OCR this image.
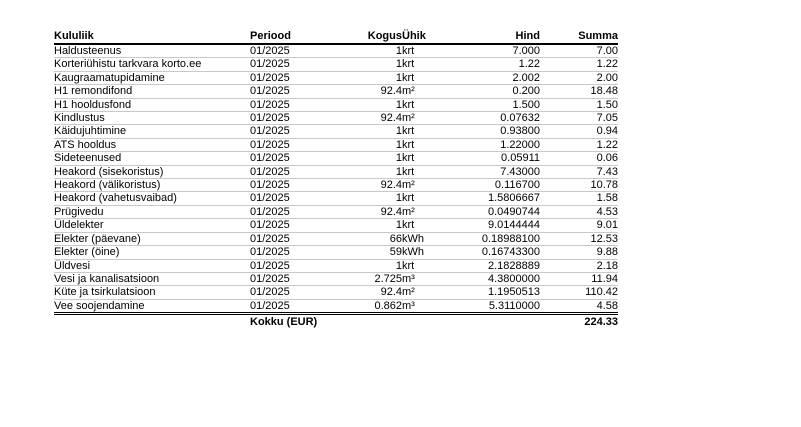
Kululiik	Periood	Kogus	Ühik	Hind	Summa
Haldusteenus	01/2025	1	krt	7.000	7.00
Korteriühistu tarkvara korto.ee	01/2025	1	krt	1.22	1.22
Kaugraamatupidamine	01/2025	1	krt	2.002	2.00
H1 remondifond	01/2025	92.4	m²	0.200	18.48
H1 hooldusfond	01/2025	1	krt	1.500	1.50
Kindlustus	01/2025	92.4	m²	0.07632	7.05
Käidujuhtimine	01/2025	1	krt	0.93800	0.94
ATS hooldus	01/2025	1	krt	1.22000	1.22
Sideteenused	01/2025	1	krt	0.05911	0.06
Heakord (sisekoristus)	01/2025	1	krt	7.43000	7.43
Heakord (välikoristus)	01/2025	92.4	m²	0.116700	10.78
Heakord (vahetusvaibad)	01/2025	1	krt	1.5806667	1.58
Prügivedu	01/2025	92.4	m²	0.0490744	4.53
Üldelekter	01/2025	1	krt	9.0144444	9.01
Elekter (päevane)	01/2025	66	kWh	0.18988100	12.53
Elekter (öine)	01/2025	59	kWh	0.16743300	9.88
Üldvesi	01/2025	1	krt	2.1828889	2.18
Vesi ja kanalisatsioon	01/2025	2.725	m³	4.3800000	11.94
Küte ja tsirkulatsioon	01/2025	92.4	m²	1.1950513	110.42
Vee soojendamine	01/2025	0.862	m³	5.3110000	4.58
	Kokku (EUR)				224.33
